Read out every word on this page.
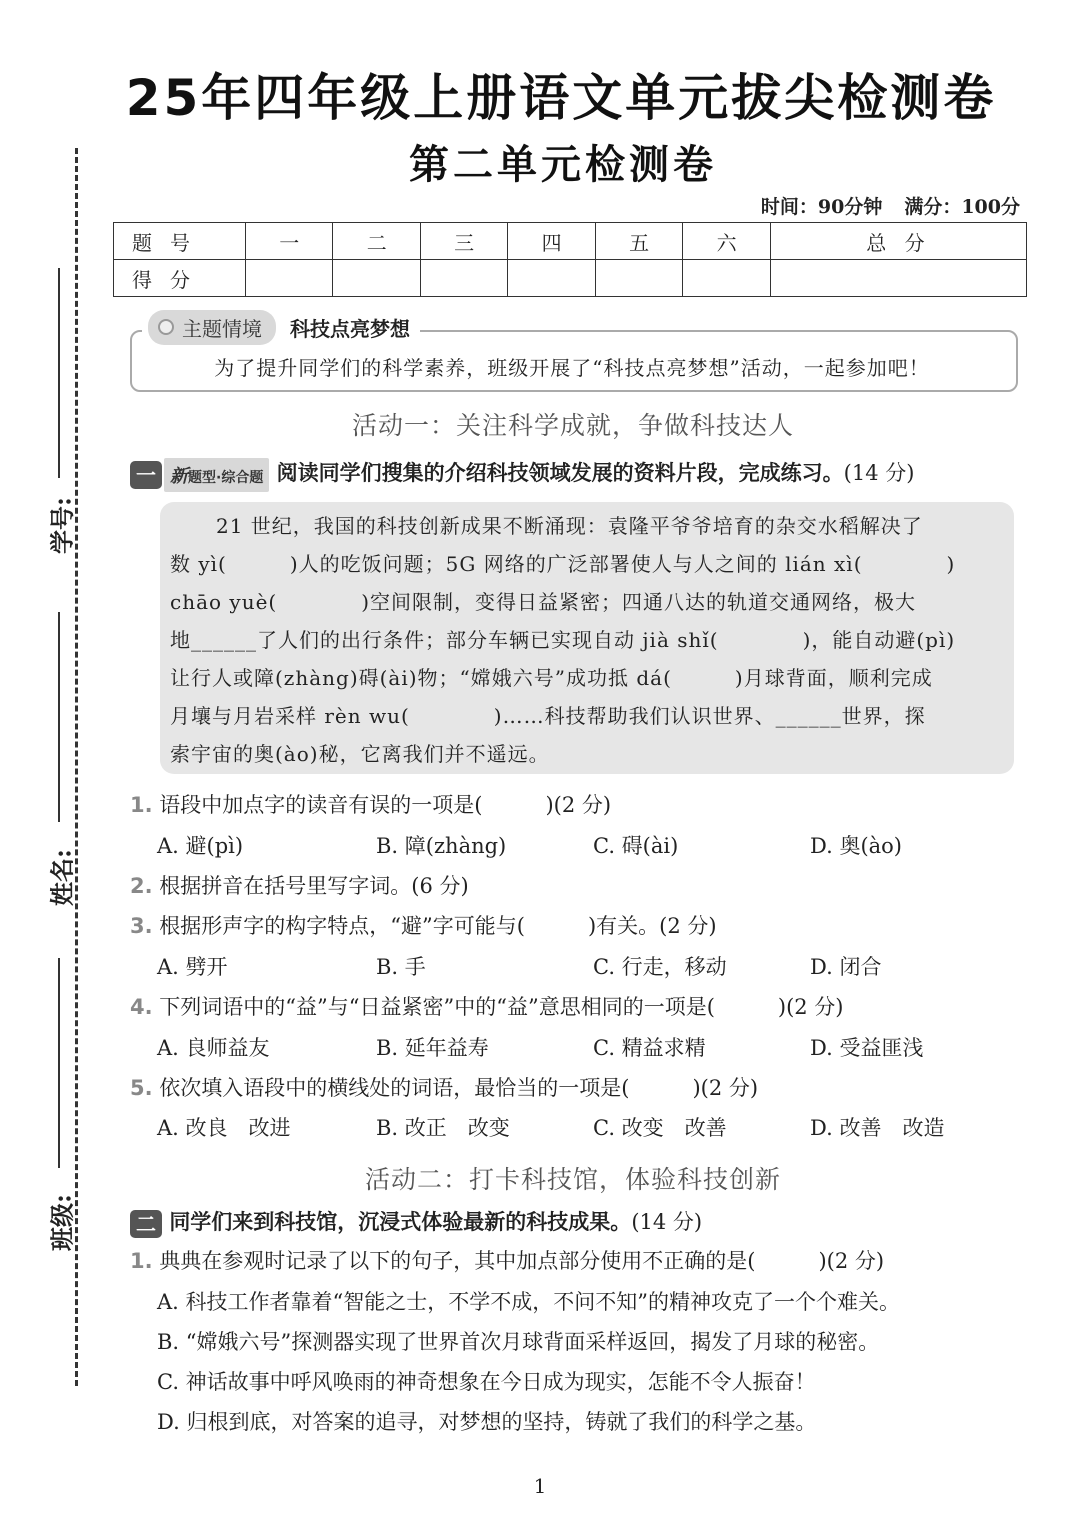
25年四年级上册语文单元拔尖检测卷
第二单元检测卷
时间：90分钟 满分：100分
学号:
姓名:
班级:
题号	一	二	三	四	五	六	总 分
得分							
主题情境 科技点亮梦想
为了提升同学们的科学素养，班级开展了“科技点亮梦想”活动，一起参加吧！
活动一：关注科学成就，争做科技达人
一 新题型·综合题 阅读同学们搜集的介绍科技领域发展的资料片段，完成练习。(14 分)
21 世纪，我国的科技创新成果不断涌现：袁隆平爷爷培育的杂交水稻解决了
数 yì(　　　)人的吃饭问题；5G 网络的广泛部署使人与人之间的 lián xì(　　　　)
chāo yuè(　　　　)空间限制，变得日益紧密；四通八达的轨道交通网络，极大
地______了人们的出行条件；部分车辆已实现自动 jià shǐ(　　　　)，能自动避(pì)
让行人或障(zhàng)碍(ài)物；“嫦娥六号”成功抵 dá(　　　)月球背面，顺利完成
月壤与月岩采样 rèn wu(　　　　)……科技帮助我们认识世界、______世界，探
索宇宙的奥(ào)秘，它离我们并不遥远。
1. 语段中加点字的读音有误的一项是(　　　)(2 分)
A. 避(pì)	B. 障(zhàng)	C. 碍(ài)	D. 奥(ào)
2. 根据拼音在括号里写字词。(6 分)
3. 根据形声字的构字特点，“避”字可能与(　　　)有关。(2 分)
A. 劈开	B. 手	C. 行走，移动	D. 闭合
4. 下列词语中的“益”与“日益紧密”中的“益”意思相同的一项是(　　　)(2 分)
A. 良师益友	B. 延年益寿	C. 精益求精	D. 受益匪浅
5. 依次填入语段中的横线处的词语，最恰当的一项是(　　　)(2 分)
A. 改良　改进	B. 改正　改变	C. 改变　改善	D. 改善　改造
活动二：打卡科技馆，体验科技创新
二 同学们来到科技馆，沉浸式体验最新的科技成果。(14 分)
1. 典典在参观时记录了以下的句子，其中加点部分使用不正确的是(　　　)(2 分)
A. 科技工作者靠着“智能之士，不学不成，不问不知”的精神攻克了一个个难关。
B. “嫦娥六号”探测器实现了世界首次月球背面采样返回，揭发了月球的秘密。
C. 神话故事中呼风唤雨的神奇想象在今日成为现实，怎能不令人振奋！
D. 归根到底，对答案的追寻，对梦想的坚持，铸就了我们的科学之基。
1
